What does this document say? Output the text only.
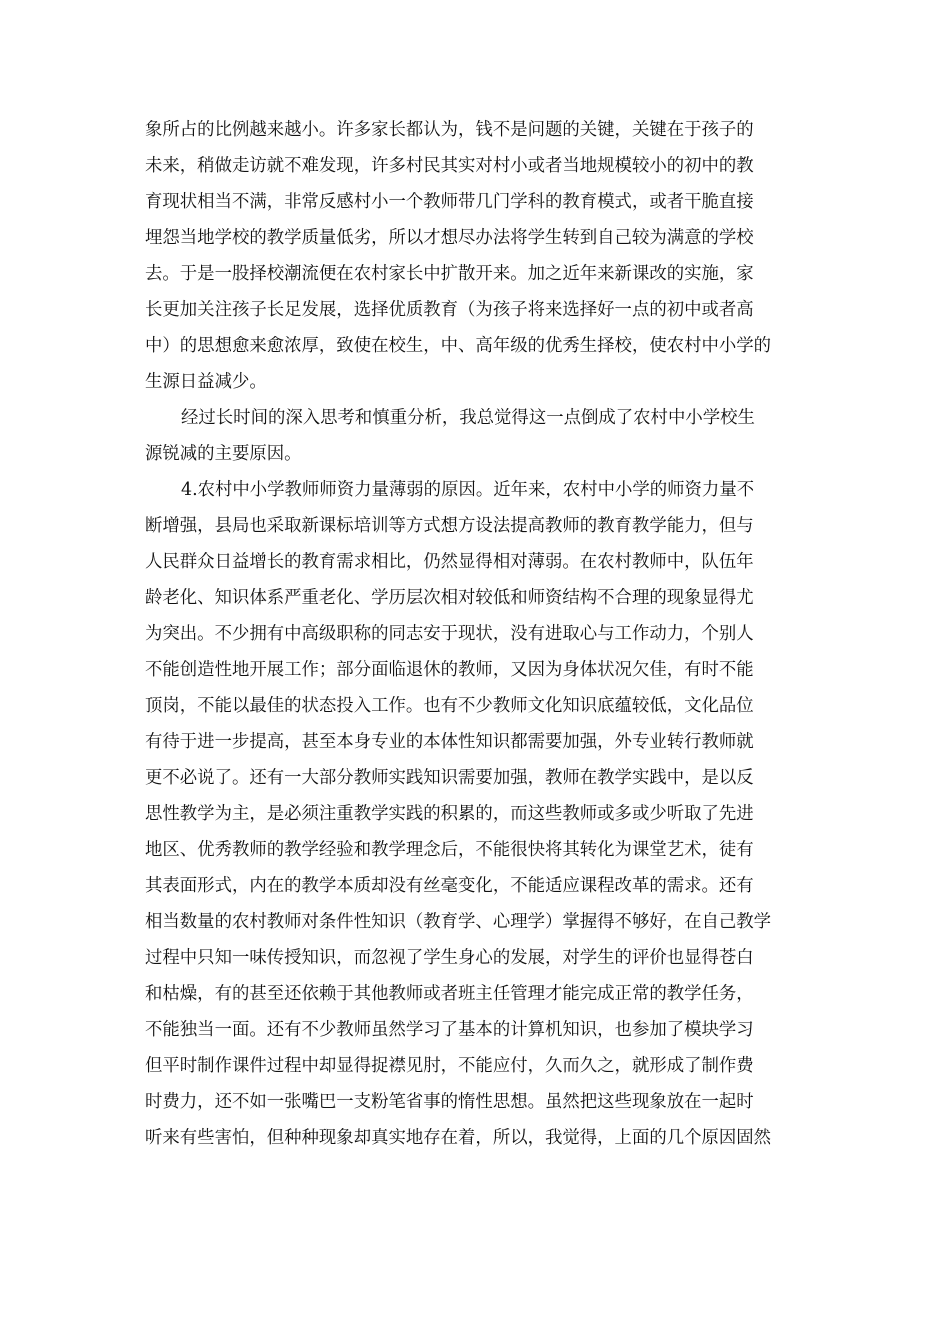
象所占的比例越来越小。许多家长都认为，钱不是问题的关键，关键在于孩子的
未来，稍做走访就不难发现，许多村民其实对村小或者当地规模较小的初中的教
育现状相当不满，非常反感村小一个教师带几门学科的教育模式，或者干脆直接
埋怨当地学校的教学质量低劣，所以才想尽办法将学生转到自己较为满意的学校
去。于是一股择校潮流便在农村家长中扩散开来。加之近年来新课改的实施，家
长更加关注孩子长足发展，选择优质教育（为孩子将来选择好一点的初中或者高
中）的思想愈来愈浓厚，致使在校生，中、高年级的优秀生择校，使农村中小学的
生源日益减少。
经过长时间的深入思考和慎重分析，我总觉得这一点倒成了农村中小学校生
源锐减的主要原因。
4.农村中小学教师师资力量薄弱的原因。近年来，农村中小学的师资力量不
断增强，县局也采取新课标培训等方式想方设法提高教师的教育教学能力，但与
人民群众日益增长的教育需求相比，仍然显得相对薄弱。在农村教师中，队伍年
龄老化、知识体系严重老化、学历层次相对较低和师资结构不合理的现象显得尤
为突出。不少拥有中高级职称的同志安于现状，没有进取心与工作动力，个别人
不能创造性地开展工作；部分面临退休的教师，又因为身体状况欠佳，有时不能
顶岗，不能以最佳的状态投入工作。也有不少教师文化知识底蕴较低，文化品位
有待于进一步提高，甚至本身专业的本体性知识都需要加强，外专业转行教师就
更不必说了。还有一大部分教师实践知识需要加强，教师在教学实践中，是以反
思性教学为主，是必须注重教学实践的积累的，而这些教师或多或少听取了先进
地区、优秀教师的教学经验和教学理念后，不能很快将其转化为课堂艺术，徒有
其表面形式，内在的教学本质却没有丝毫变化，不能适应课程改革的需求。还有
相当数量的农村教师对条件性知识（教育学、心理学）掌握得不够好，在自己教学
过程中只知一味传授知识，而忽视了学生身心的发展，对学生的评价也显得苍白
和枯燥，有的甚至还依赖于其他教师或者班主任管理才能完成正常的教学任务，
不能独当一面。还有不少教师虽然学习了基本的计算机知识，也参加了模块学习
但平时制作课件过程中却显得捉襟见肘，不能应付，久而久之，就形成了制作费
时费力，还不如一张嘴巴一支粉笔省事的惰性思想。虽然把这些现象放在一起时
听来有些害怕，但种种现象却真实地存在着，所以，我觉得，上面的几个原因固然
